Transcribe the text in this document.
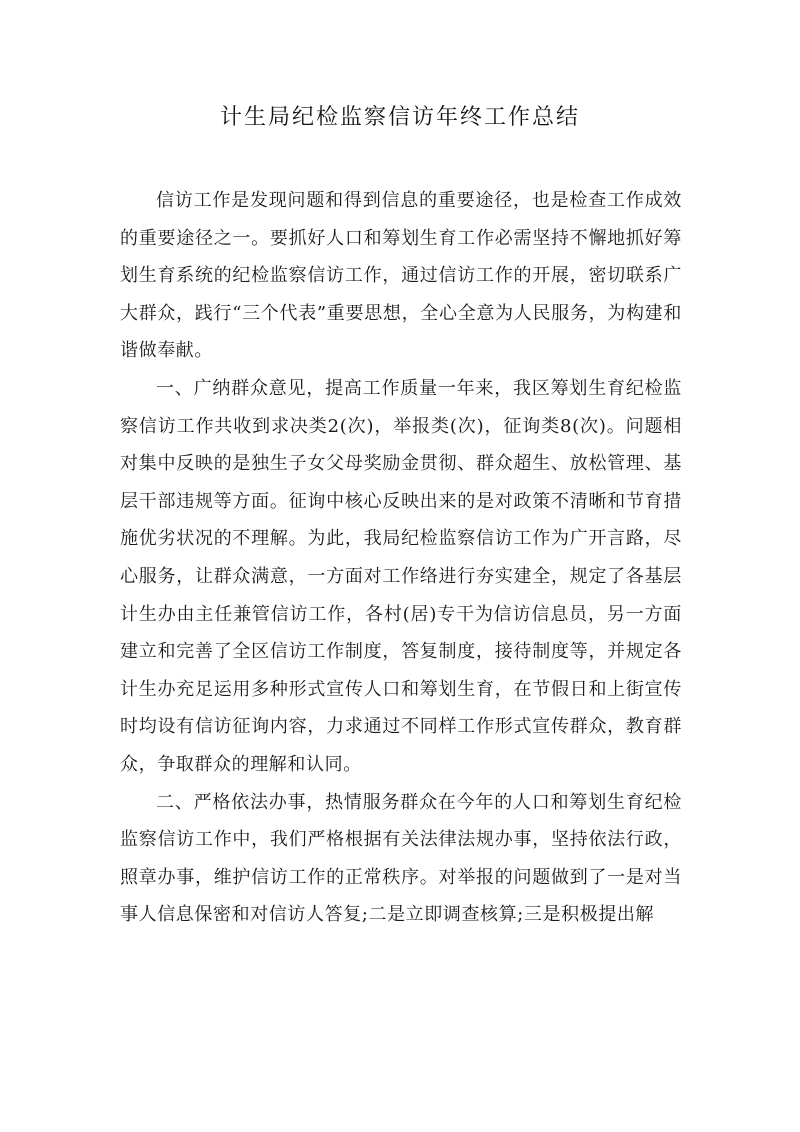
计生局纪检监察信访年终工作总结

信访工作是发现问题和得到信息的重要途径，也是检查工作成效的重要途径之一。要抓好人口和筹划生育工作必需坚持不懈地抓好筹划生育系统的纪检监察信访工作，通过信访工作的开展，密切联系广大群众，践行“三个代表”重要思想，全心全意为人民服务，为构建和谐做奉献。

一、广纳群众意见，提高工作质量一年来，我区筹划生育纪检监察信访工作共收到求决类2(次)，举报类(次)，征询类8(次)。问题相对集中反映的是独生子女父母奖励金贯彻、群众超生、放松管理、基层干部违规等方面。征询中核心反映出来的是对政策不清晰和节育措施优劣状况的不理解。为此，我局纪检监察信访工作为广开言路，尽心服务，让群众满意，一方面对工作络进行夯实建全，规定了各基层计生办由主任兼管信访工作，各村(居)专干为信访信息员，另一方面建立和完善了全区信访工作制度，答复制度，接待制度等，并规定各计生办充足运用多种形式宣传人口和筹划生育，在节假日和上街宣传时均设有信访征询内容，力求通过不同样工作形式宣传群众，教育群众，争取群众的理解和认同。

二、严格依法办事，热情服务群众在今年的人口和筹划生育纪检监察信访工作中，我们严格根据有关法律法规办事，坚持依法行政，照章办事，维护信访工作的正常秩序。对举报的问题做到了一是对当事人信息保密和对信访人答复;二是立即调查核算;三是积极提出解
